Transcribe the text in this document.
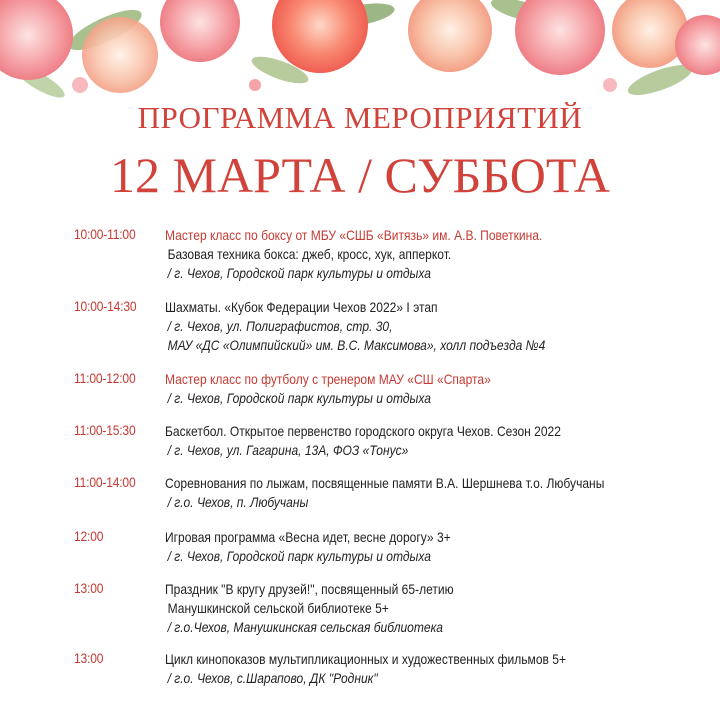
ПРОГРАММА МЕРОПРИЯТИЙ
12 МАРТА / СУББОТА
10:00-11:00 Мастер класс по боксу от МБУ «СШБ «Витязь» им. А.В. Поветкина.
Базовая техника бокса: джеб, кросс, хук, апперкот.
/ г. Чехов, Городской парк культуры и отдыха
10:00-14:30 Шахматы. «Кубок Федерации Чехов 2022» I этап
/ г. Чехов, ул. Полиграфистов, стр. 30,
МАУ «ДС «Олимпийский» им. В.С. Максимова», холл подъезда №4
11:00-12:00 Мастер класс по футболу с тренером МАУ «СШ «Спарта»
/ г. Чехов, Городской парк культуры и отдыха
11:00-15:30 Баскетбол. Открытое первенство городского округа Чехов. Сезон 2022
/ г. Чехов, ул. Гагарина, 13А, ФОЗ «Тонус»
11:00-14:00 Соревнования по лыжам, посвященные памяти В.А. Шершнева т.о. Любучаны
/ г.о. Чехов, п. Любучаны
12:00	Игровая программа «Весна идет, весне дорогу» 3+
/ г. Чехов, Городской парк культуры и отдыха
13:00	Праздник "В кругу друзей!", посвященный 65-летию
Манушкинской сельской библиотеке 5+
/ г.о.Чехов, Манушкинская сельская библиотека
13:00	Цикл кинопоказов мультипликационных и художественных фильмов 5+
/ г.о. Чехов, с.Шарапово, ДК "Родник"
